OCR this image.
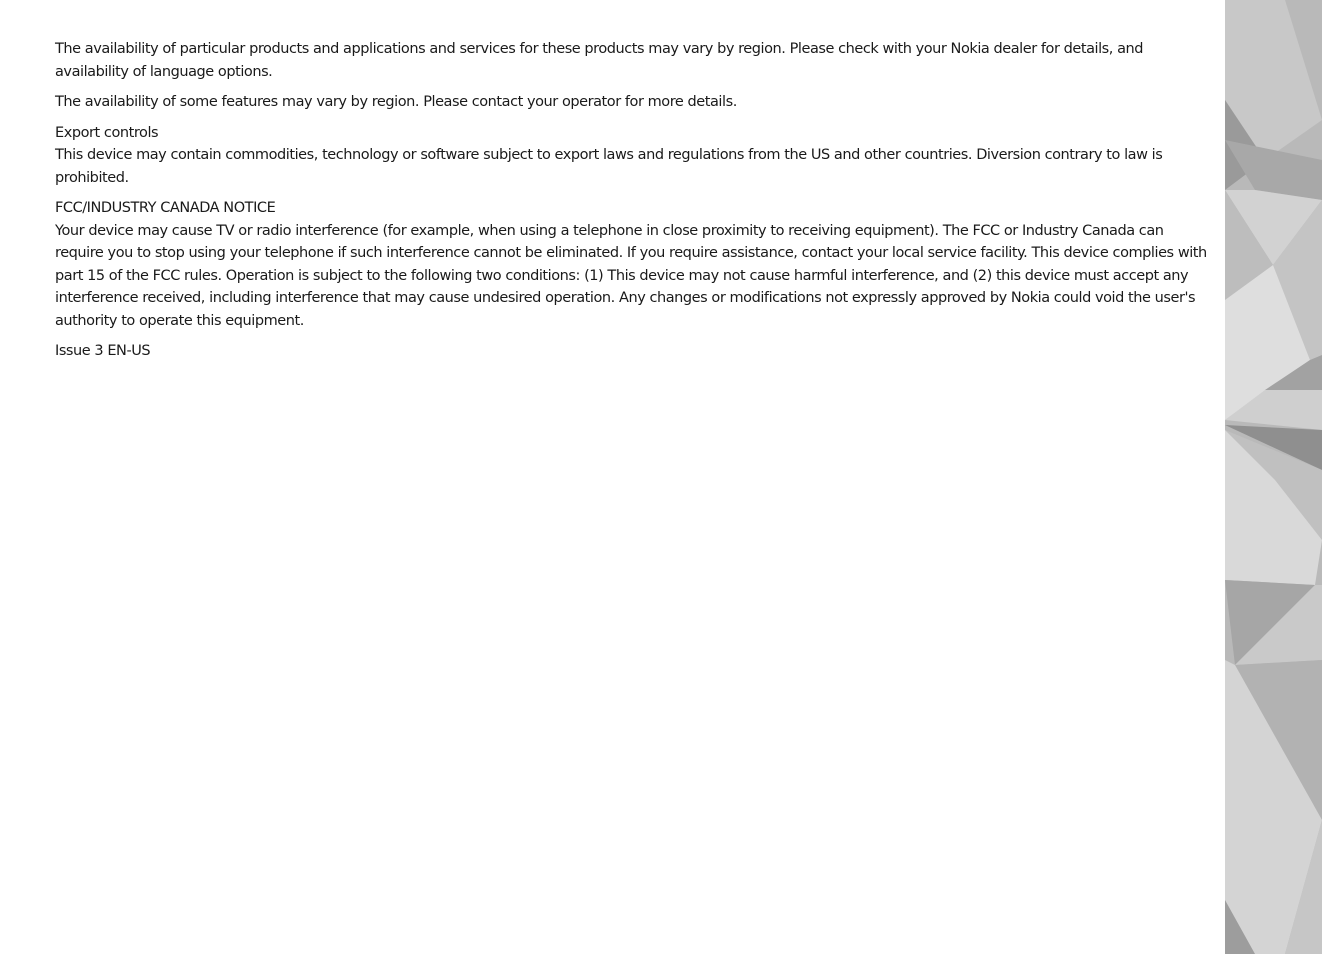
The availability of particular products and applications and services for these products may vary by region. Please check with your Nokia dealer for details, and availability of language options.

The availability of some features may vary by region. Please contact your operator for more details.

Export controls
This device may contain commodities, technology or software subject to export laws and regulations from the US and other countries. Diversion contrary to law is prohibited.

FCC/INDUSTRY CANADA NOTICE
Your device may cause TV or radio interference (for example, when using a telephone in close proximity to receiving equipment). The FCC or Industry Canada can require you to stop using your telephone if such interference cannot be eliminated. If you require assistance, contact your local service facility. This device complies with part 15 of the FCC rules. Operation is subject to the following two conditions: (1) This device may not cause harmful interference, and (2) this device must accept any interference received, including interference that may cause undesired operation. Any changes or modifications not expressly approved by Nokia could void the user's authority to operate this equipment.

Issue 3 EN-US
